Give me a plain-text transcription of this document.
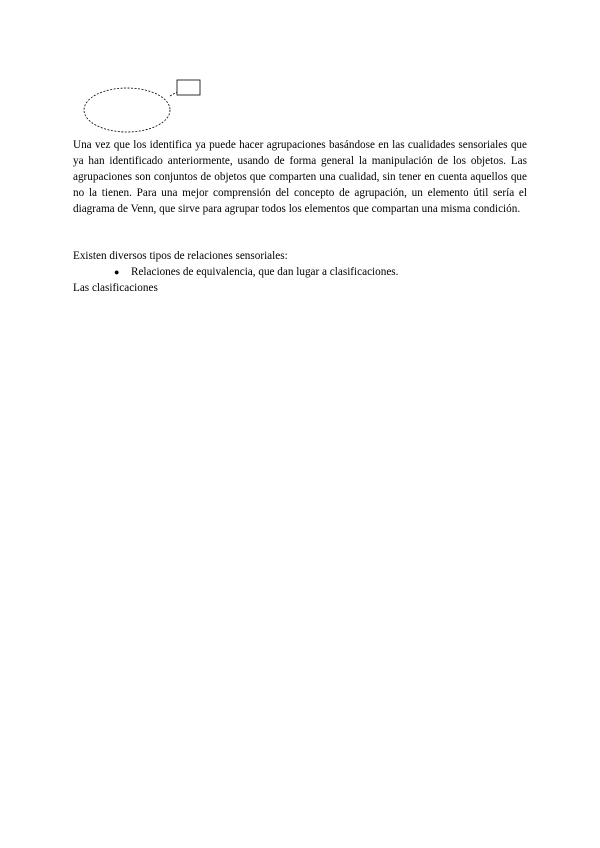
Una vez que los identifica ya puede hacer agrupaciones basándose en las cualidades sensoriales que ya han identificado anteriormente, usando de forma general la manipulación de los objetos. Las agrupaciones son conjuntos de objetos que comparten una cualidad, sin tener en cuenta aquellos que no la tienen. Para una mejor comprensión del concepto de agrupación, un elemento útil sería el diagrama de Venn, que sirve para agrupar todos los elementos que compartan una misma condición.

Existen diversos tipos de relaciones sensoriales:

●	Relaciones de equivalencia, que dan lugar a clasificaciones.

Las clasificaciones
